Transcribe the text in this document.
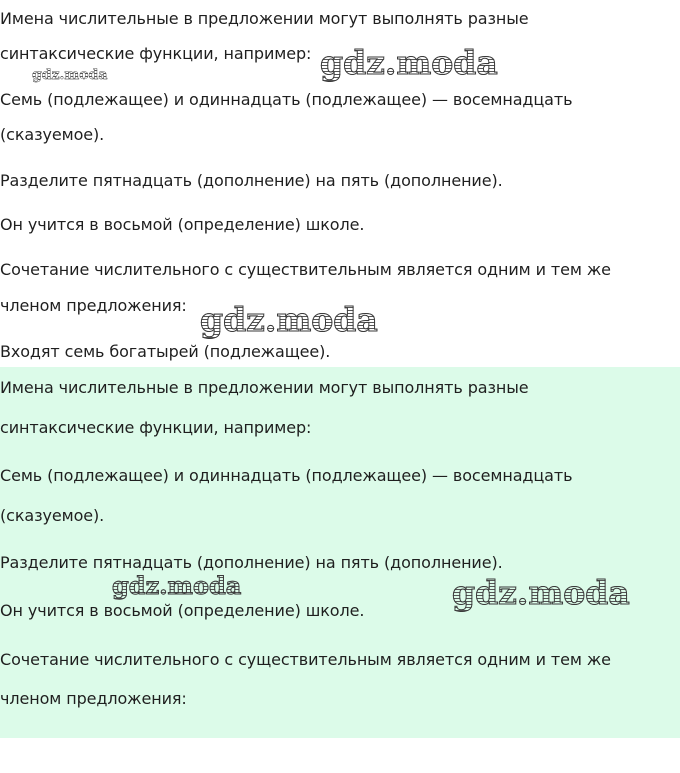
Имена числительные в предложении могут выполнять разные
синтаксические функции, например:
Семь (подлежащее) и одиннадцать (подлежащее) — восемнадцать
(сказуемое).
Разделите пятнадцать (дополнение) на пять (дополнение).
Он учится в восьмой (определение) школе.
Сочетание числительного с существительным является одним и тем же
членом предложения:
Входят семь богатырей (подлежащее).
Имена числительные в предложении могут выполнять разные
синтаксические функции, например:
Семь (подлежащее) и одиннадцать (подлежащее) — восемнадцать
(сказуемое).
Разделите пятнадцать (дополнение) на пять (дополнение).
Он учится в восьмой (определение) школе.
Сочетание числительного с существительным является одним и тем же
членом предложения:
gdz.moda
gdz.moda
gdz.moda
gdz.moda	gdz.moda
